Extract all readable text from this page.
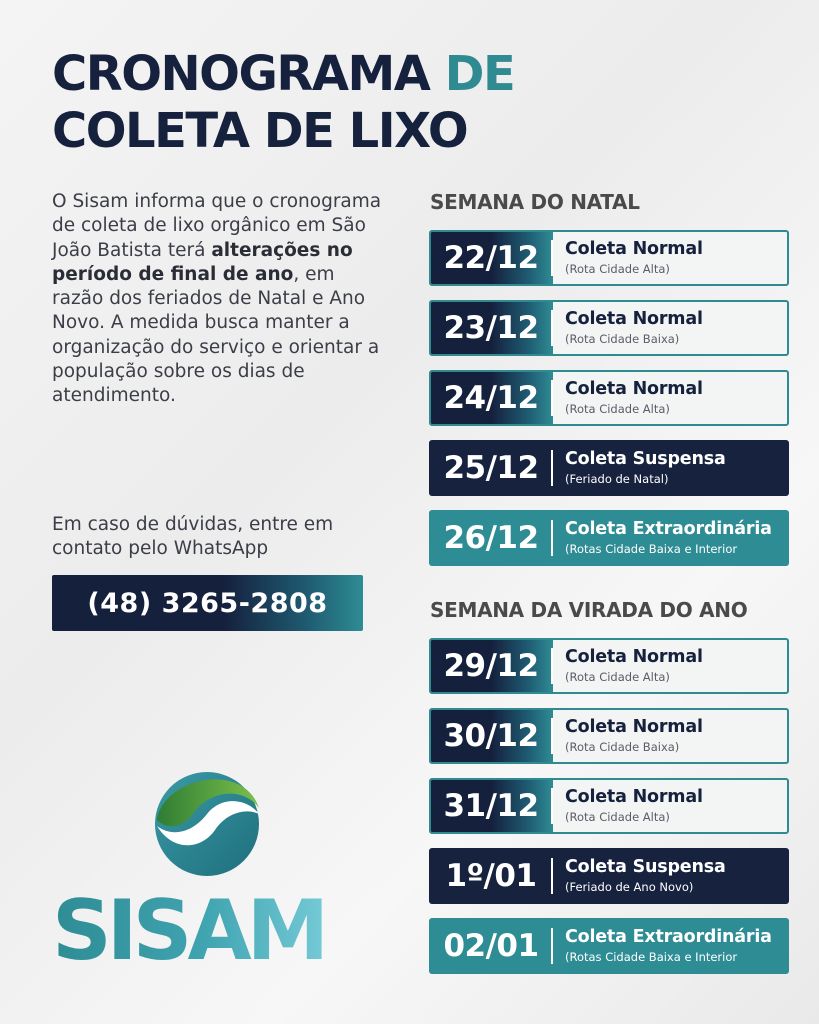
CRONOGRAMA DE
COLETA DE LIXO

O Sisam informa que o cronograma de coleta de lixo orgânico em São João Batista terá alterações no período de final de ano, em razão dos feriados de Natal e Ano Novo. A medida busca manter a organização do serviço e orientar a população sobre os dias de atendimento.

Em caso de dúvidas, entre em contato pelo WhatsApp

(48) 3265-2808
SEMANA DO NATAL
22/12	Coleta Normal
(Rota Cidade Alta)
23/12	Coleta Normal
(Rota Cidade Baixa)
24/12	Coleta Normal
(Rota Cidade Alta)
25/12	Coleta Suspensa
(Feriado de Natal)
26/12	Coleta Extraordinária
(Rotas Cidade Baixa e Interior
SEMANA DA VIRADA DO ANO
29/12	Coleta Normal
(Rota Cidade Alta)
30/12	Coleta Normal
(Rota Cidade Baixa)
31/12	Coleta Normal
(Rota Cidade Alta)
1º/01	Coleta Suspensa
(Feriado de Ano Novo)
02/01	Coleta Extraordinária
(Rotas Cidade Baixa e Interior
SISAM
